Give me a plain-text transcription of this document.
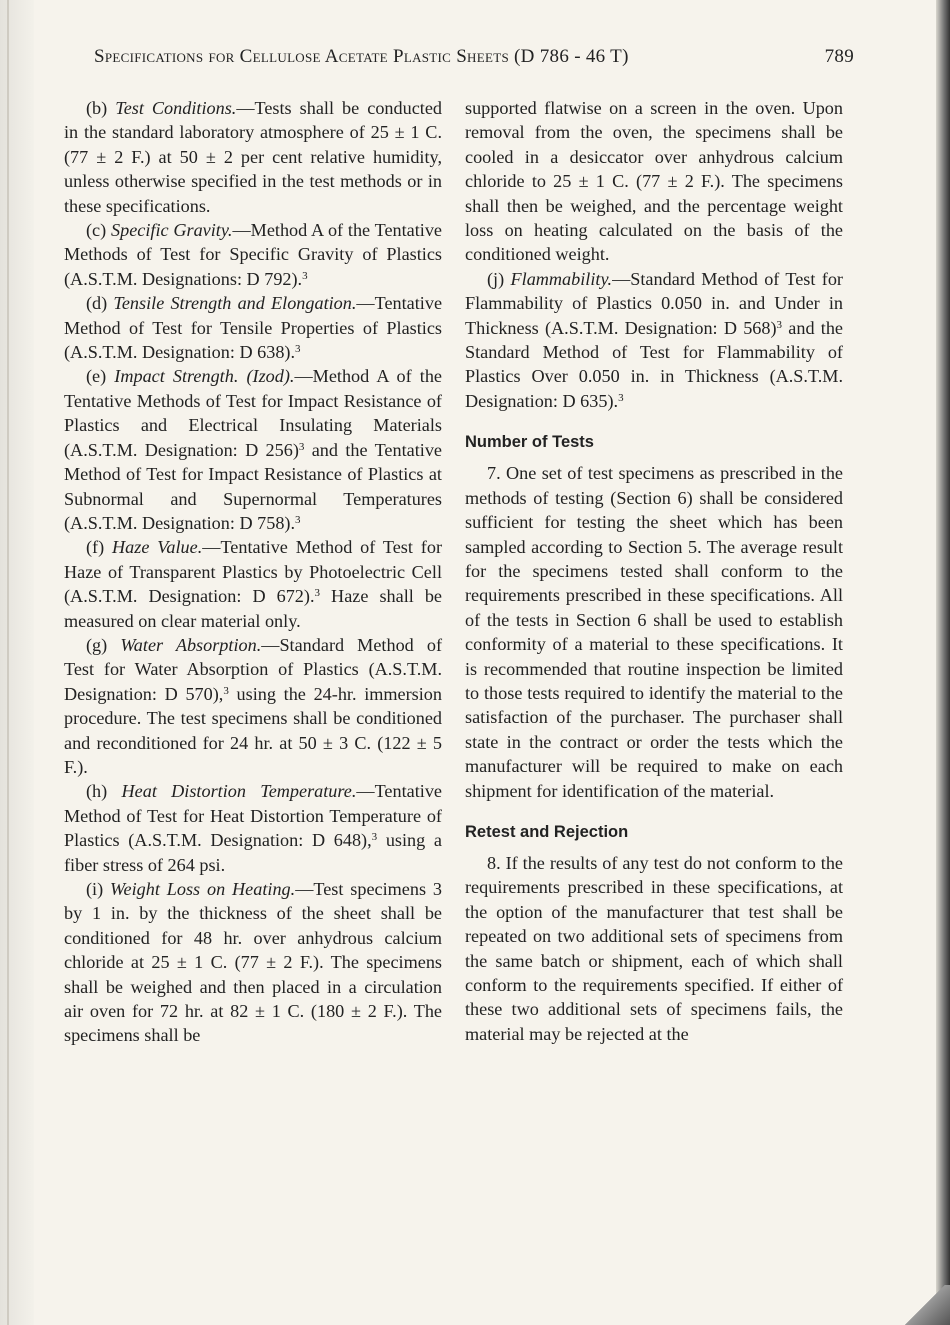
Specifications for Cellulose Acetate Plastic Sheets (D 786 - 46 T)	789

(b) Test Conditions.—Tests shall be conducted in the standard laboratory atmosphere of 25 ± 1 C. (77 ± 2 F.) at 50 ± 2 per cent relative humidity, unless otherwise specified in the test methods or in these specifications.

(c) Specific Gravity.—Method A of the Tentative Methods of Test for Specific Gravity of Plastics (A.S.T.M. Designations: D 792).$^3$

(d) Tensile Strength and Elongation.—Tentative Method of Test for Tensile Properties of Plastics (A.S.T.M. Designation: D 638).$^3$

(e) Impact Strength. (Izod).—Method A of the Tentative Methods of Test for Impact Resistance of Plastics and Electrical Insulating Materials (A.S.T.M. Designation: D 256)$^3$ and the Tentative Method of Test for Impact Resistance of Plastics at Subnormal and Supernormal Temperatures (A.S.T.M. Designation: D 758).$^3$

(f) Haze Value.—Tentative Method of Test for Haze of Transparent Plastics by Photoelectric Cell (A.S.T.M. Designation: D 672).$^3$ Haze shall be measured on clear material only.

(g) Water Absorption.—Standard Method of Test for Water Absorption of Plastics (A.S.T.M. Designation: D 570),$^3$ using the 24-hr. immersion procedure. The test specimens shall be conditioned and reconditioned for 24 hr. at 50 ± 3 C. (122 ± 5 F.).

(h) Heat Distortion Temperature.—Tentative Method of Test for Heat Distortion Temperature of Plastics (A.S.T.M. Designation: D 648),$^3$ using a fiber stress of 264 psi.

(i) Weight Loss on Heating.—Test specimens 3 by 1 in. by the thickness of the sheet shall be conditioned for 48 hr. over anhydrous calcium chloride at 25 ± 1 C. (77 ± 2 F.). The specimens shall be weighed and then placed in a circulation air oven for 72 hr. at 82 ± 1 C. (180 ± 2 F.). The specimens shall be

supported flatwise on a screen in the oven. Upon removal from the oven, the specimens shall be cooled in a desiccator over anhydrous calcium chloride to 25 ± 1 C. (77 ± 2 F.). The specimens shall then be weighed, and the percentage weight loss on heating calculated on the basis of the conditioned weight.

(j) Flammability.—Standard Method of Test for Flammability of Plastics 0.050 in. and Under in Thickness (A.S.T.M. Designation: D 568)$^3$ and the Standard Method of Test for Flammability of Plastics Over 0.050 in. in Thickness (A.S.T.M. Designation: D 635).$^3$

Number of Tests

7. One set of test specimens as prescribed in the methods of testing (Section 6) shall be considered sufficient for testing the sheet which has been sampled according to Section 5. The average result for the specimens tested shall conform to the requirements prescribed in these specifications. All of the tests in Section 6 shall be used to establish conformity of a material to these specifications. It is recommended that routine inspection be limited to those tests required to identify the material to the satisfaction of the purchaser. The purchaser shall state in the contract or order the tests which the manufacturer will be required to make on each shipment for identification of the material.

Retest and Rejection

8. If the results of any test do not conform to the requirements prescribed in these specifications, at the option of the manufacturer that test shall be repeated on two additional sets of specimens from the same batch or shipment, each of which shall conform to the requirements specified. If either of these two additional sets of specimens fails, the material may be rejected at the
